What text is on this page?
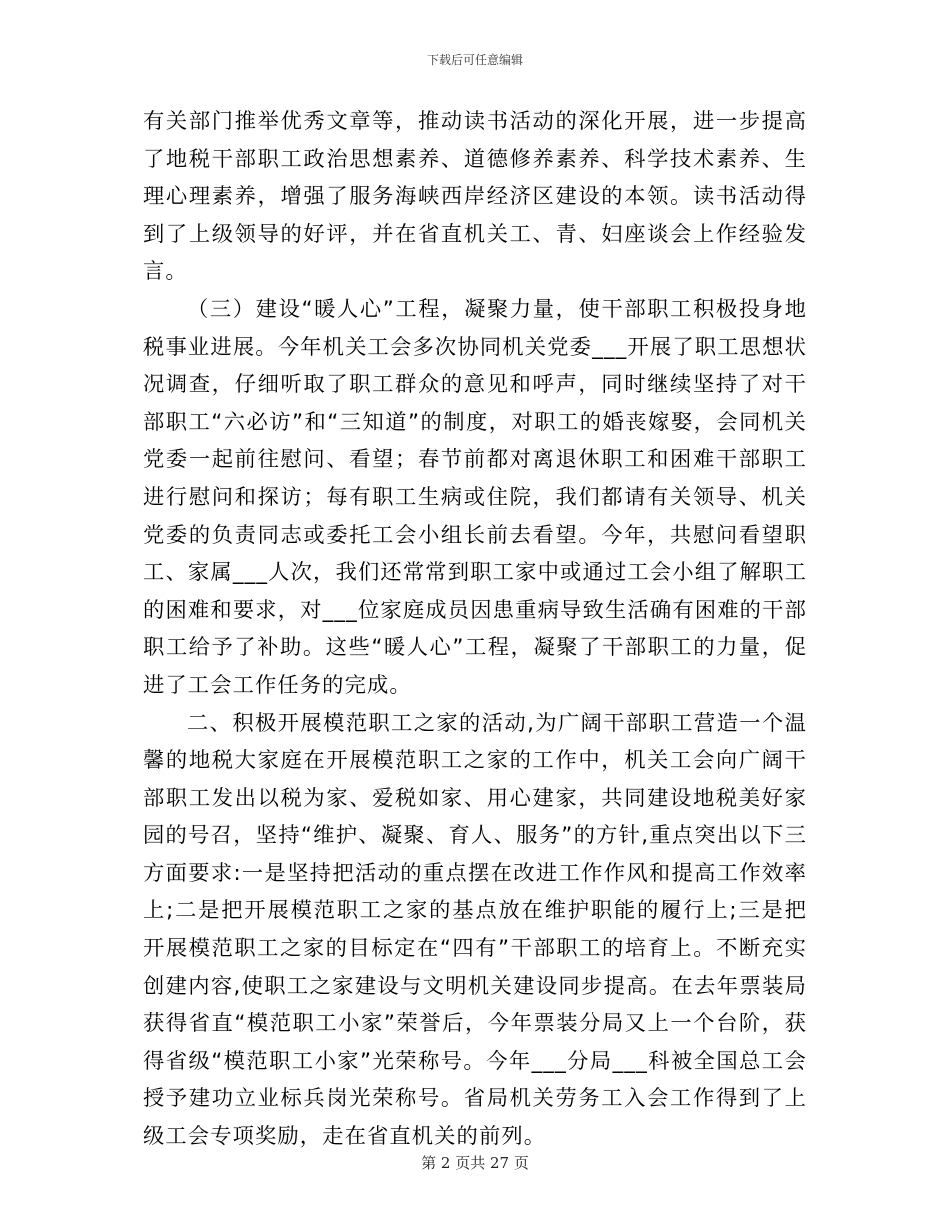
下载后可任意编辑

有关部门推举优秀文章等，推动读书活动的深化开展，进一步提高了地税干部职工政治思想素养、道德修养素养、科学技术素养、生理心理素养，增强了服务海峡西岸经济区建设的本领。读书活动得到了上级领导的好评，并在省直机关工、青、妇座谈会上作经验发言。

（三）建设“暖人心”工程，凝聚力量，使干部职工积极投身地税事业进展。今年机关工会多次协同机关党委___开展了职工思想状况调查，仔细听取了职工群众的意见和呼声，同时继续坚持了对干部职工“六必访”和“三知道”的制度，对职工的婚丧嫁娶，会同机关党委一起前往慰问、看望；春节前都对离退休职工和困难干部职工进行慰问和探访；每有职工生病或住院，我们都请有关领导、机关党委的负责同志或委托工会小组长前去看望。今年，共慰问看望职工、家属___人次，我们还常常到职工家中或通过工会小组了解职工的困难和要求，对___位家庭成员因患重病导致生活确有困难的干部职工给予了补助。这些“暖人心”工程，凝聚了干部职工的力量，促进了工会工作任务的完成。

二、积极开展模范职工之家的活动,为广阔干部职工营造一个温馨的地税大家庭在开展模范职工之家的工作中，机关工会向广阔干部职工发出以税为家、爱税如家、用心建家，共同建设地税美好家园的号召，坚持“维护、凝聚、育人、服务”的方针,重点突出以下三方面要求:一是坚持把活动的重点摆在改进工作作风和提高工作效率上;二是把开展模范职工之家的基点放在维护职能的履行上;三是把开展模范职工之家的目标定在“四有”干部职工的培育上。不断充实创建内容,使职工之家建设与文明机关建设同步提高。在去年票装局获得省直“模范职工小家”荣誉后，今年票装分局又上一个台阶，获得省级“模范职工小家”光荣称号。今年___分局___科被全国总工会授予建功立业标兵岗光荣称号。省局机关劳务工入会工作得到了上级工会专项奖励，走在省直机关的前列。

第 2 页共 27 页
